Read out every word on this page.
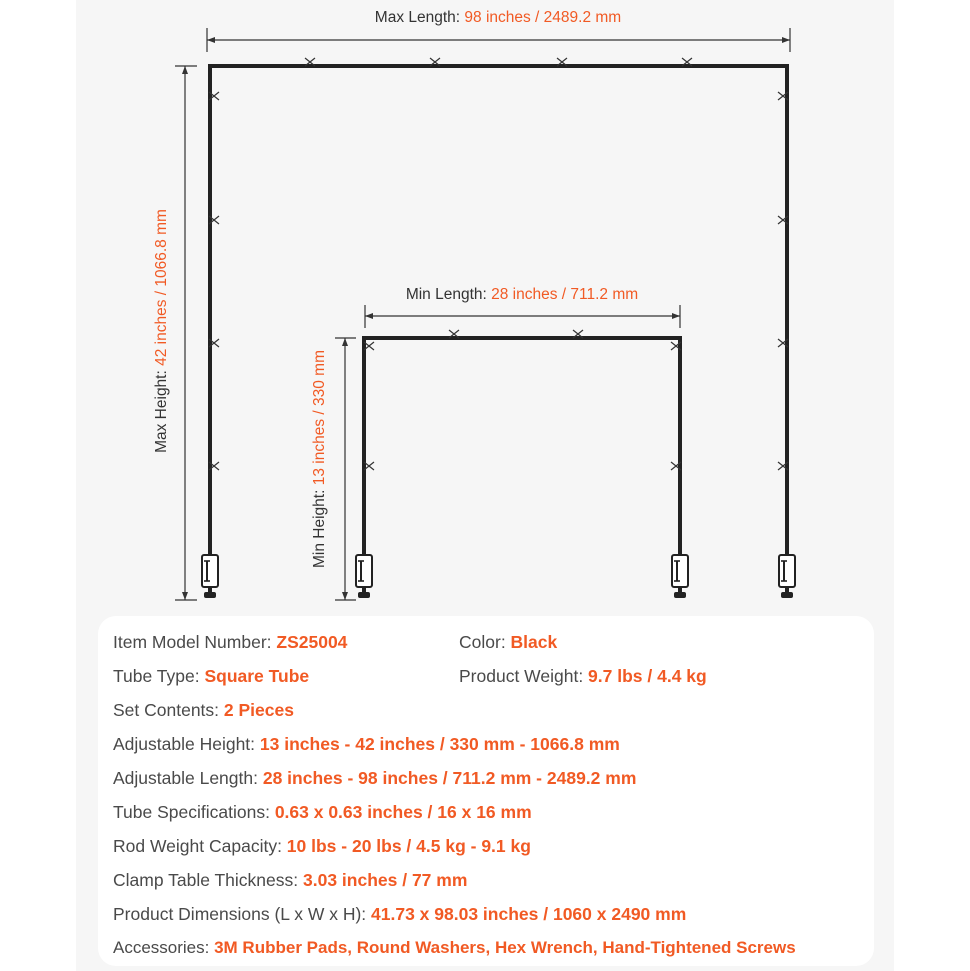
Max Length: 98 inches / 2489.2 mm
Max Height: 42 inches / 1066.8 mm	Min Length: 28 inches / 711.2 mm
Min Height: 13 inches / 330 mm
Item Model Number: ZS25004	Color: Black
Tube Type: Square Tube	Product Weight: 9.7 lbs / 4.4 kg
Set Contents: 2 Pieces
Adjustable Height: 13 inches - 42 inches / 330 mm - 1066.8 mm
Adjustable Length: 28 inches - 98 inches / 711.2 mm - 2489.2 mm
Tube Specifications: 0.63 x 0.63 inches / 16 x 16 mm
Rod Weight Capacity: 10 lbs - 20 lbs / 4.5 kg - 9.1 kg
Clamp Table Thickness: 3.03 inches / 77 mm
Product Dimensions (L x W x H): 41.73 x 98.03 inches / 1060 x 2490 mm
Accessories: 3M Rubber Pads, Round Washers, Hex Wrench, Hand-Tightened Screws
